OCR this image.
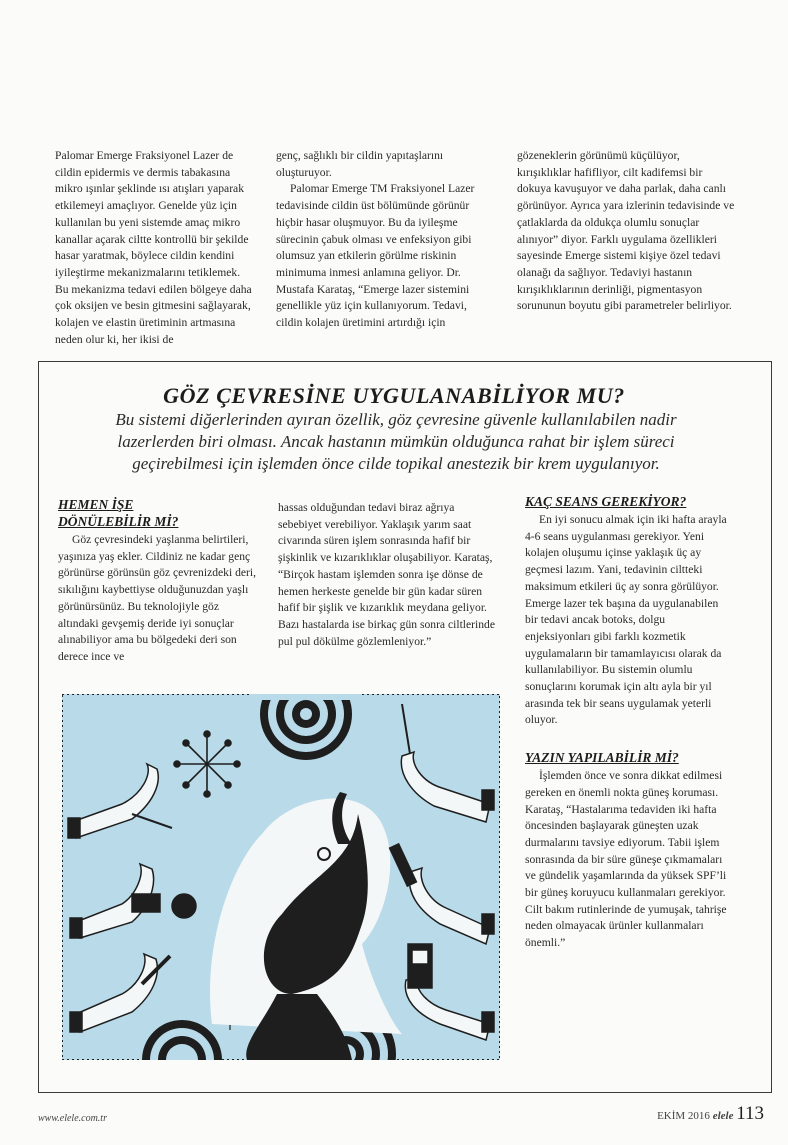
Palomar Emerge Fraksiyonel Lazer de cildin epidermis ve dermis tabakasına mikro ışınlar şeklinde ısı atışları yaparak etkilemeyi amaçlıyor. Genelde yüz için kullanılan bu yeni sistemde amaç mikro kanallar açarak ciltte kontrollü bir şekilde hasar yaratmak, böylece cildin kendini iyileştirme mekanizmalarını tetiklemek. Bu mekanizma tedavi edilen bölgeye daha çok oksijen ve besin gitmesini sağlayarak, kolajen ve elastin üretiminin artmasına neden olur ki, her ikisi de

genç, sağlıklı bir cildin yapıtaşlarını oluşturuyor.

Palomar Emerge TM Fraksiyonel Lazer tedavisinde cildin üst bölümünde görünür hiçbir hasar oluşmuyor. Bu da iyileşme sürecinin çabuk olması ve enfeksiyon gibi olumsuz yan etkilerin görülme riskinin minimuma inmesi anlamına geliyor. Dr. Mustafa Karataş, “Emerge lazer sistemini genellikle yüz için kullanıyorum. Tedavi, cildin kolajen üretimini artırdığı için

gözeneklerin görünümü küçülüyor, kırışıklıklar hafifliyor, cilt kadifemsi bir dokuya kavuşuyor ve daha parlak, daha canlı görünüyor. Ayrıca yara izlerinin tedavisinde ve çatlaklarda da oldukça olumlu sonuçlar alınıyor” diyor. Farklı uygulama özellikleri sayesinde Emerge sistemi kişiye özel tedavi olanağı da sağlıyor. Tedaviyi hastanın kırışıklıklarının derinliği, pigmentasyon sorununun boyutu gibi parametreler belirliyor.

GÖZ ÇEVRESİNE UYGULANABİLİYOR MU?
Bu sistemi diğerlerinden ayıran özellik, göz çevresine güvenle kullanılabilen nadir lazerlerden biri olması. Ancak hastanın mümkün olduğunca rahat bir işlem süreci geçirebilmesi için işlemden önce cilde topikal anestezik bir krem uygulanıyor.
HEMEN İŞE DÖNÜLEBİLİR Mİ?

Göz çevresindeki yaşlanma belirtileri, yaşınıza yaş ekler. Cildiniz ne kadar genç görünürse görünsün göz çevrenizdeki deri, sıkılığını kaybettiyse olduğunuzdan yaşlı görünürsünüz. Bu teknolojiyle göz altındaki gevşemiş deride iyi sonuçlar alınabiliyor ama bu bölgedeki deri son derece ince ve

hassas olduğundan tedavi biraz ağrıya sebebiyet verebiliyor. Yaklaşık yarım saat civarında süren işlem sonrasında hafif bir şişkinlik ve kızarıklıklar oluşabiliyor. Karataş, “Birçok hastam işlemden sonra işe dönse de hemen herkeste genelde bir gün kadar süren hafif bir şişlik ve kızarıklık meydana geliyor. Bazı hastalarda ise birkaç gün sonra ciltlerinde pul pul dökülme gözlemleniyor.”

KAÇ SEANS GEREKİYOR?

En iyi sonucu almak için iki hafta arayla 4-6 seans uygulanması gerekiyor. Yeni kolajen oluşumu içinse yaklaşık üç ay geçmesi lazım. Yani, tedavinin ciltteki maksimum etkileri üç ay sonra görülüyor. Emerge lazer tek başına da uygulanabilen bir tedavi ancak botoks, dolgu enjeksiyonları gibi farklı kozmetik uygulamaların bir tamamlayıcısı olarak da kullanılabiliyor. Bu sistemin olumlu sonuçlarını korumak için altı ayla bir yıl arasında tek bir seans uygulamak yeterli oluyor.

YAZIN YAPILABİLİR Mİ?

İşlemden önce ve sonra dikkat edilmesi gereken en önemli nokta güneş koruması. Karataş, “Hastalarıma tedaviden iki hafta öncesinden başlayarak güneşten uzak durmalarını tavsiye ediyorum. Tabii işlem sonrasında da bir süre güneşe çıkmamaları ve gündelik yaşamlarında da yüksek SPF’li bir güneş koruyucu kullanmaları gerekiyor. Cilt bakım rutinlerinde de yumuşak, tahrişe neden olmayacak ürünler kullanmaları önemli.”

www.elele.com.tr	EKİM 2016 elele 113
